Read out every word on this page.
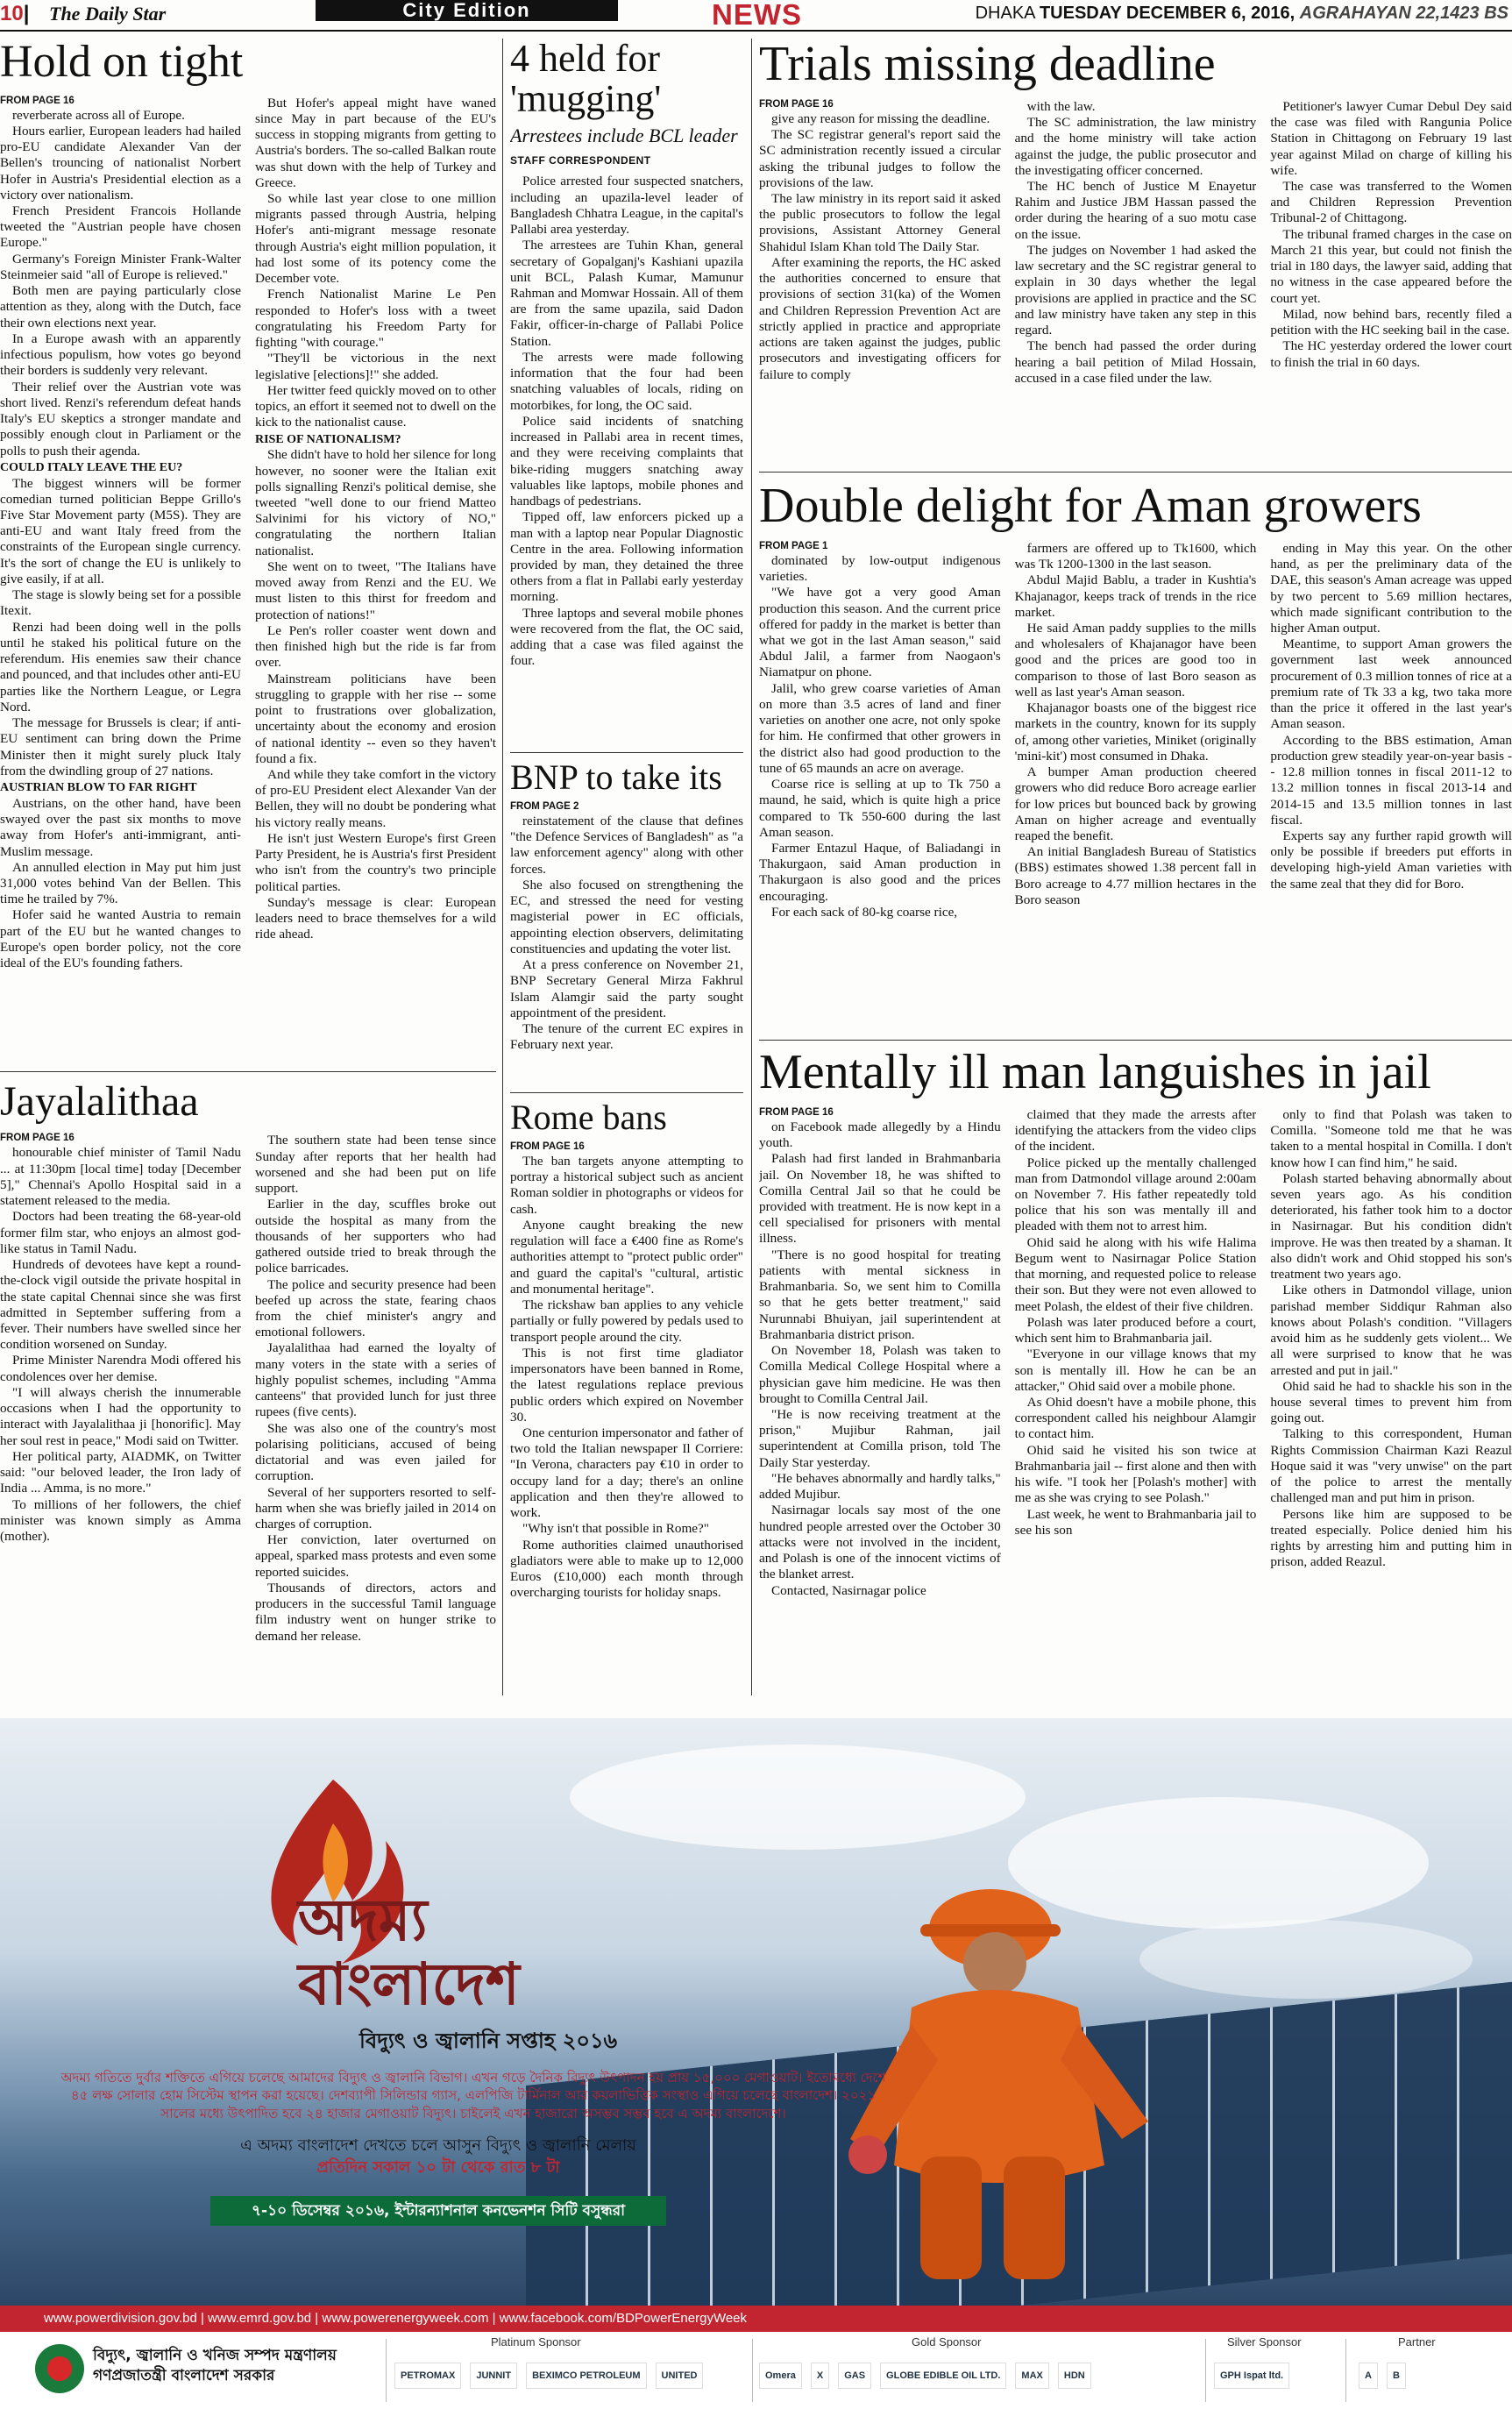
10|	The Daily Star	City Edition	NEWS	DHAKA TUESDAY DECEMBER 6, 2016, AGRAHAYAN 22,1423 BS
Hold on tight
FROM PAGE 16

reverberate across all of Europe.

Hours earlier, European leaders had hailed pro-EU candidate Alexander Van der Bellen's trouncing of nationalist Norbert Hofer in Austria's Presidential election as a victory over nationalism.

French President Francois Hollande tweeted the "Austrian people have chosen Europe."

Germany's Foreign Minister Frank-Walter Steinmeier said "all of Europe is relieved."

Both men are paying particularly close attention as they, along with the Dutch, face their own elections next year.

In a Europe awash with an apparently infectious populism, how votes go beyond their borders is suddenly very relevant.

Their relief over the Austrian vote was short lived. Renzi's referendum defeat hands Italy's EU skeptics a stronger mandate and possibly enough clout in Parliament or the polls to push their agenda.

COULD ITALY LEAVE THE EU?

The biggest winners will be former comedian turned politician Beppe Grillo's Five Star Movement party (M5S). They are anti-EU and want Italy freed from the constraints of the European single currency. It's the sort of change the EU is unlikely to give easily, if at all.

The stage is slowly being set for a possible Itexit.

Renzi had been doing well in the polls until he staked his political future on the referendum. His enemies saw their chance and pounced, and that includes other anti-EU parties like the Northern League, or Legra Nord.

The message for Brussels is clear; if anti-EU sentiment can bring down the Prime Minister then it might surely pluck Italy from the dwindling group of 27 nations.

AUSTRIAN BLOW TO FAR RIGHT

Austrians, on the other hand, have been swayed over the past six months to move away from Hofer's anti-immigrant, anti-Muslim message.

An annulled election in May put him just 31,000 votes behind Van der Bellen. This time he trailed by 7%.

Hofer said he wanted Austria to remain part of the EU but he wanted changes to Europe's open border policy, not the core ideal of the EU's founding fathers.

But Hofer's appeal might have waned since May in part because of the EU's success in stopping migrants from getting to Austria's borders. The so-called Balkan route was shut down with the help of Turkey and Greece.

So while last year close to one million migrants passed through Austria, helping Hofer's anti-migrant message resonate through Austria's eight million population, it had lost some of its potency come the December vote.

French Nationalist Marine Le Pen responded to Hofer's loss with a tweet congratulating his Freedom Party for fighting "with courage."

"They'll be victorious in the next legislative [elections]!" she added.

Her twitter feed quickly moved on to other topics, an effort it seemed not to dwell on the kick to the nationalist cause.

RISE OF NATIONALISM?

She didn't have to hold her silence for long however, no sooner were the Italian exit polls signalling Renzi's political demise, she tweeted "well done to our friend Matteo Salvinimi for his victory of NO," congratulating the northern Italian nationalist.

She went on to tweet, "The Italians have moved away from Renzi and the EU. We must listen to this thirst for freedom and protection of nations!"

Le Pen's roller coaster went down and then finished high but the ride is far from over.

Mainstream politicians have been struggling to grapple with her rise -- some point to frustrations over globalization, uncertainty about the economy and erosion of national identity -- even so they haven't found a fix.

And while they take comfort in the victory of pro-EU President elect Alexander Van der Bellen, they will no doubt be pondering what his victory really means.

He isn't just Western Europe's first Green Party President, he is Austria's first President who isn't from the country's two principle political parties.

Sunday's message is clear: European leaders need to brace themselves for a wild ride ahead.

4 held for 'mugging'
Arrestees include BCL leader
STAFF CORRESPONDENT

Police arrested four suspected snatchers, including an upazila-level leader of Bangladesh Chhatra League, in the capital's Pallabi area yesterday.

The arrestees are Tuhin Khan, general secretary of Gopalganj's Kashiani upazila unit BCL, Palash Kumar, Mamunur Rahman and Momwar Hossain. All of them are from the same upazila, said Dadon Fakir, officer-in-charge of Pallabi Police Station.

The arrests were made following information that the four had been snatching valuables of locals, riding on motorbikes, for long, the OC said.

Police said incidents of snatching increased in Pallabi area in recent times, and they were receiving complaints that bike-riding muggers snatching away valuables like laptops, mobile phones and handbags of pedestrians.

Tipped off, law enforcers picked up a man with a laptop near Popular Diagnostic Centre in the area. Following information provided by man, they detained the three others from a flat in Pallabi early yesterday morning.

Three laptops and several mobile phones were recovered from the flat, the OC said, adding that a case was filed against the four.

BNP to take its
FROM PAGE 2

reinstatement of the clause that defines "the Defence Services of Bangladesh" as "a law enforcement agency" along with other forces.

She also focused on strengthening the EC, and stressed the need for vesting magisterial power in EC officials, appointing election observers, delimitating constituencies and updating the voter list.

At a press conference on November 21, BNP Secretary General Mirza Fakhrul Islam Alamgir said the party sought appointment of the president.

The tenure of the current EC expires in February next year.

Rome bans
FROM PAGE 16

The ban targets anyone attempting to portray a historical subject such as ancient Roman soldier in photographs or videos for cash.

Anyone caught breaking the new regulation will face a €400 fine as Rome's authorities attempt to "protect public order" and guard the capital's "cultural, artistic and monumental heritage".

The rickshaw ban applies to any vehicle partially or fully powered by pedals used to transport people around the city.

This is not first time gladiator impersonators have been banned in Rome, the latest regulations replace previous public orders which expired on November 30.

One centurion impersonator and father of two told the Italian newspaper Il Corriere: "In Verona, characters pay €10 in order to occupy land for a day; there's an online application and then they're allowed to work.

"Why isn't that possible in Rome?"

Rome authorities claimed unauthorised gladiators were able to make up to 12,000 Euros (£10,000) each month through overcharging tourists for holiday snaps.

Jayalalithaa
FROM PAGE 16

honourable chief minister of Tamil Nadu ... at 11:30pm [local time] today [December 5]," Chennai's Apollo Hospital said in a statement released to the media.

Doctors had been treating the 68-year-old former film star, who enjoys an almost god-like status in Tamil Nadu.

Hundreds of devotees have kept a round-the-clock vigil outside the private hospital in the state capital Chennai since she was first admitted in September suffering from a fever. Their numbers have swelled since her condition worsened on Sunday.

Prime Minister Narendra Modi offered his condolences over her demise.

"I will always cherish the innumerable occasions when I had the opportunity to interact with Jayalalithaa ji [honorific]. May her soul rest in peace," Modi said on Twitter.

Her political party, AIADMK, on Twitter said: "our beloved leader, the Iron lady of India ... Amma, is no more."

To millions of her followers, the chief minister was known simply as Amma (mother).

The southern state had been tense since Sunday after reports that her health had worsened and she had been put on life support.

Earlier in the day, scuffles broke out outside the hospital as many from the thousands of her supporters who had gathered outside tried to break through the police barricades.

The police and security presence had been beefed up across the state, fearing chaos from the chief minister's angry and emotional followers.

Jayalalithaa had earned the loyalty of many voters in the state with a series of highly populist schemes, including "Amma canteens" that provided lunch for just three rupees (five cents).

She was also one of the country's most polarising politicians, accused of being dictatorial and was even jailed for corruption.

Several of her supporters resorted to self-harm when she was briefly jailed in 2014 on charges of corruption.

Her conviction, later overturned on appeal, sparked mass protests and even some reported suicides.

Thousands of directors, actors and producers in the successful Tamil language film industry went on hunger strike to demand her release.

Trials missing deadline
FROM PAGE 16

give any reason for missing the deadline.

The SC registrar general's report said the SC administration recently issued a circular asking the tribunal judges to follow the provisions of the law.

The law ministry in its report said it asked the public prosecutors to follow the legal provisions, Assistant Attorney General Shahidul Islam Khan told The Daily Star.

After examining the reports, the HC asked the authorities concerned to ensure that provisions of section 31(ka) of the Women and Children Repression Prevention Act are strictly applied in practice and appropriate actions are taken against the judges, public prosecutors and investigating officers for failure to comply

with the law.

The SC administration, the law ministry and the home ministry will take action against the judge, the public prosecutor and the investigating officer concerned.

The HC bench of Justice M Enayetur Rahim and Justice JBM Hassan passed the order during the hearing of a suo motu case on the issue.

The judges on November 1 had asked the law secretary and the SC registrar general to explain in 30 days whether the legal provisions are applied in practice and the SC and law ministry have taken any step in this regard.

The bench had passed the order during hearing a bail petition of Milad Hossain, accused in a case filed under the law.

Petitioner's lawyer Cumar Debul Dey said the case was filed with Rangunia Police Station in Chittagong on February 19 last year against Milad on charge of killing his wife.

The case was transferred to the Women and Children Repression Prevention Tribunal-2 of Chittagong.

The tribunal framed charges in the case on March 21 this year, but could not finish the trial in 180 days, the lawyer said, adding that no witness in the case appeared before the court yet.

Milad, now behind bars, recently filed a petition with the HC seeking bail in the case.

The HC yesterday ordered the lower court to finish the trial in 60 days.

Double delight for Aman growers
FROM PAGE 1

dominated by low-output indigenous varieties.

"We have got a very good Aman production this season. And the current price offered for paddy in the market is better than what we got in the last Aman season," said Abdul Jalil, a farmer from Naogaon's Niamatpur on phone.

Jalil, who grew coarse varieties of Aman on more than 3.5 acres of land and finer varieties on another one acre, not only spoke for him. He confirmed that other growers in the district also had good production to the tune of 65 maunds an acre on average.

Coarse rice is selling at up to Tk 750 a maund, he said, which is quite high a price compared to Tk 550-600 during the last Aman season.

Farmer Entazul Haque, of Baliadangi in Thakurgaon, said Aman production in Thakurgaon is also good and the prices encouraging.

For each sack of 80-kg coarse rice,

farmers are offered up to Tk1600, which was Tk 1200-1300 in the last season.

Abdul Majid Bablu, a trader in Kushtia's Khajanagor, keeps track of trends in the rice market.

He said Aman paddy supplies to the mills and wholesalers of Khajanagor have been good and the prices are good too in comparison to those of last Boro season as well as last year's Aman season.

Khajanagor boasts one of the biggest rice markets in the country, known for its supply of, among other varieties, Miniket (originally 'mini-kit') most consumed in Dhaka.

A bumper Aman production cheered growers who did reduce Boro acreage earlier for low prices but bounced back by growing Aman on higher acreage and eventually reaped the benefit.

An initial Bangladesh Bureau of Statistics (BBS) estimates showed 1.38 percent fall in Boro acreage to 4.77 million hectares in the Boro season

ending in May this year. On the other hand, as per the preliminary data of the DAE, this season's Aman acreage was upped by two percent to 5.69 million hectares, which made significant contribution to the higher Aman output.

Meantime, to support Aman growers the government last week announced procurement of 0.3 million tonnes of rice at a premium rate of Tk 33 a kg, two taka more than the price it offered in the last year's Aman season.

According to the BBS estimation, Aman production grew steadily year-on-year basis -- 12.8 million tonnes in fiscal 2011-12 to 13.2 million tonnes in fiscal 2013-14 and 2014-15 and 13.5 million tonnes in last fiscal.

Experts say any further rapid growth will only be possible if breeders put efforts in developing high-yield Aman varieties with the same zeal that they did for Boro.

Mentally ill man languishes in jail
FROM PAGE 16

on Facebook made allegedly by a Hindu youth.

Palash had first landed in Brahmanbaria jail. On November 18, he was shifted to Comilla Central Jail so that he could be provided with treatment. He is now kept in a cell specialised for prisoners with mental illness.

"There is no good hospital for treating patients with mental sickness in Brahmanbaria. So, we sent him to Comilla so that he gets better treatment," said Nurunnabi Bhuiyan, jail superintendent at Brahmanbaria district prison.

On November 18, Polash was taken to Comilla Medical College Hospital where a physician gave him medicine. He was then brought to Comilla Central Jail.

"He is now receiving treatment at the prison," Mujibur Rahman, jail superintendent at Comilla prison, told The Daily Star yesterday.

"He behaves abnormally and hardly talks," added Mujibur.

Nasirnagar locals say most of the one hundred people arrested over the October 30 attacks were not involved in the incident, and Polash is one of the innocent victims of the blanket arrest.

Contacted, Nasirnagar police

claimed that they made the arrests after identifying the attackers from the video clips of the incident.

Police picked up the mentally challenged man from Datmondol village around 2:00am on November 7. His father repeatedly told police that his son was mentally ill and pleaded with them not to arrest him.

Ohid said he along with his wife Halima Begum went to Nasirnagar Police Station that morning, and requested police to release their son. But they were not even allowed to meet Polash, the eldest of their five children.

Polash was later produced before a court, which sent him to Brahmanbaria jail.

"Everyone in our village knows that my son is mentally ill. How he can be an attacker," Ohid said over a mobile phone.

As Ohid doesn't have a mobile phone, this correspondent called his neighbour Alamgir to contact him.

Ohid said he visited his son twice at Brahmanbaria jail -- first alone and then with his wife. "I took her [Polash's mother] with me as she was crying to see Polash."

Last week, he went to Brahmanbaria jail to see his son

only to find that Polash was taken to Comilla. "Someone told me that he was taken to a mental hospital in Comilla. I don't know how I can find him," he said.

Polash started behaving abnormally about seven years ago. As his condition deteriorated, his father took him to a doctor in Nasirnagar. But his condition didn't improve. He was then treated by a shaman. It also didn't work and Ohid stopped his son's treatment two years ago.

Like others in Datmondol village, union parishad member Siddiqur Rahman also knows about Polash's condition. "Villagers avoid him as he suddenly gets violent... We all were surprised to know that he was arrested and put in jail."

Ohid said he had to shackle his son in the house several times to prevent him from going out.

Talking to this correspondent, Human Rights Commission Chairman Kazi Reazul Hoque said it was "very unwise" on the part of the police to arrest the mentally challenged man and put him in prison.

Persons like him are supposed to be treated especially. Police denied him his rights by arresting him and putting him in prison, added Reazul.

অদম্য
বাংলাদেশ
বিদ্যুৎ ও জ্বালানি সপ্তাহ ২০১৬
অদম্য গতিতে দুর্বার শক্তিতে এগিয়ে চলেছে আমাদের বিদ্যুৎ ও জ্বালানি বিভাগ। এখন গড়ে দৈনিক বিদ্যুৎ উৎপাদন হয় প্রায় ১৫,০০০ মেগাওয়াট। ইতোমধ্যে দেশে ৪৫ লক্ষ সোলার হোম সিস্টেম স্থাপন করা হয়েছে। দেশব্যাপী সিলিন্ডার গ্যাস, এলপিজি টার্মিনাল আর কয়লাভিত্তিক সংস্থাও এগিয়ে চলেছে বাংলাদেশ। ২০২১ সালের মধ্যে উৎপাদিত হবে ২৪ হাজার মেগাওয়াট বিদ্যুৎ। চাইলেই এখন হাজারো অসম্ভব সম্ভব হবে এ অদম্য বাংলাদেশে।
এ অদম্য বাংলাদেশ দেখতে চলে আসুন বিদ্যুৎ ও জ্বালানি মেলায়
প্রতিদিন সকাল ১০ টা থেকে রাত ৮ টা
৭-১০ ডিসেম্বর ২০১৬, ইন্টারন্যাশনাল কনভেনশন সিটি বসুন্ধরা
www.powerdivision.gov.bd | www.emrd.gov.bd | www.powerenergyweek.com | www.facebook.com/BDPowerEnergyWeek
বিদ্যুৎ, জ্বালানি ও খনিজ সম্পদ মন্ত্রণালয়
গণপ্রজাতন্ত্রী বাংলাদেশ সরকার
Platinum Sponsor
PETROMAX	JUNNIT	BEXIMCO PETROLEUM	UNITED
Gold Sponsor
Omera	X	GAS	GLOBE EDIBLE OIL LTD.	MAX	HDN
Silver Sponsor
GPH Ispat ltd.
Partner
A	B
